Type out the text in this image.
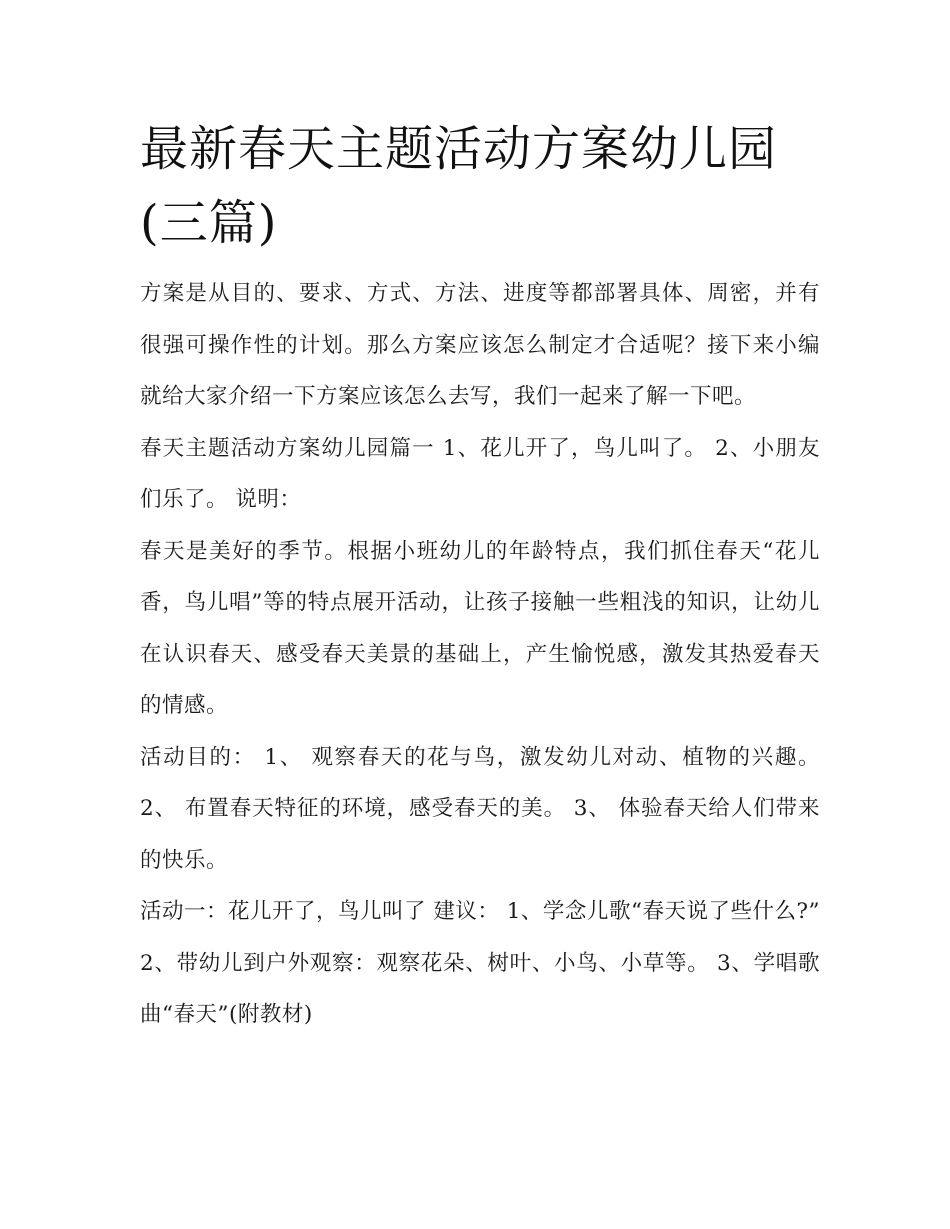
最新春天主题活动方案幼儿园(三篇)

方案是从目的、要求、方式、方法、进度等都部署具体、周密，并有很强可操作性的计划。那么方案应该怎么制定才合适呢？接下来小编就给大家介绍一下方案应该怎么去写，我们一起来了解一下吧。

春天主题活动方案幼儿园篇一 1、花儿开了，鸟儿叫了。 2、小朋友们乐了。 说明：

春天是美好的季节。根据小班幼儿的年龄特点，我们抓住春天“花儿香，鸟儿唱”等的特点展开活动，让孩子接触一些粗浅的知识，让幼儿在认识春天、感受春天美景的基础上，产生愉悦感，激发其热爱春天的情感。

活动目的： 1、 观察春天的花与鸟，激发幼儿对动、植物的兴趣。 2、 布置春天特征的环境，感受春天的美。 3、 体验春天给人们带来的快乐。

活动一：花儿开了，鸟儿叫了 建议： 1、学念儿歌“春天说了些什么?” 2、带幼儿到户外观察：观察花朵、树叶、小鸟、小草等。 3、学唱歌曲“春天”(附教材)
